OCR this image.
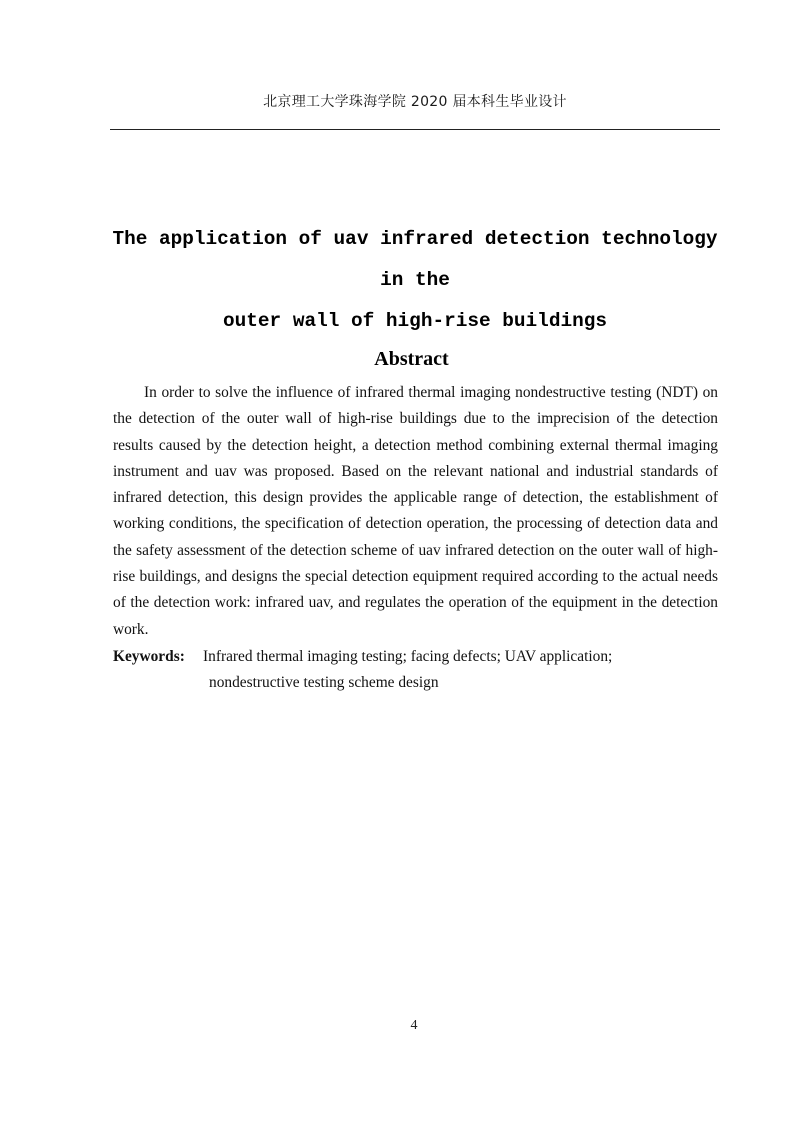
北京理工大学珠海学院 2020 届本科生毕业设计
The application of uav infrared detection technology in the
outer wall of high-rise buildings
Abstract

In order to solve the influence of infrared thermal imaging nondestructive testing (NDT) on the detection of the outer wall of high-rise buildings due to the imprecision of the detection results caused by the detection height, a detection method combining external thermal imaging instrument and uav was proposed. Based on the relevant national and industrial standards of infrared detection, this design provides the applicable range of detection, the establishment of working conditions, the specification of detection operation, the processing of detection data and the safety assessment of the detection scheme of uav infrared detection on the outer wall of high-rise buildings, and designs the special detection equipment required according to the actual needs of the detection work: infrared uav, and regulates the operation of the equipment in the detection work.

Keywords: Infrared thermal imaging testing; facing defects; UAV application;
nondestructive testing scheme design
4
